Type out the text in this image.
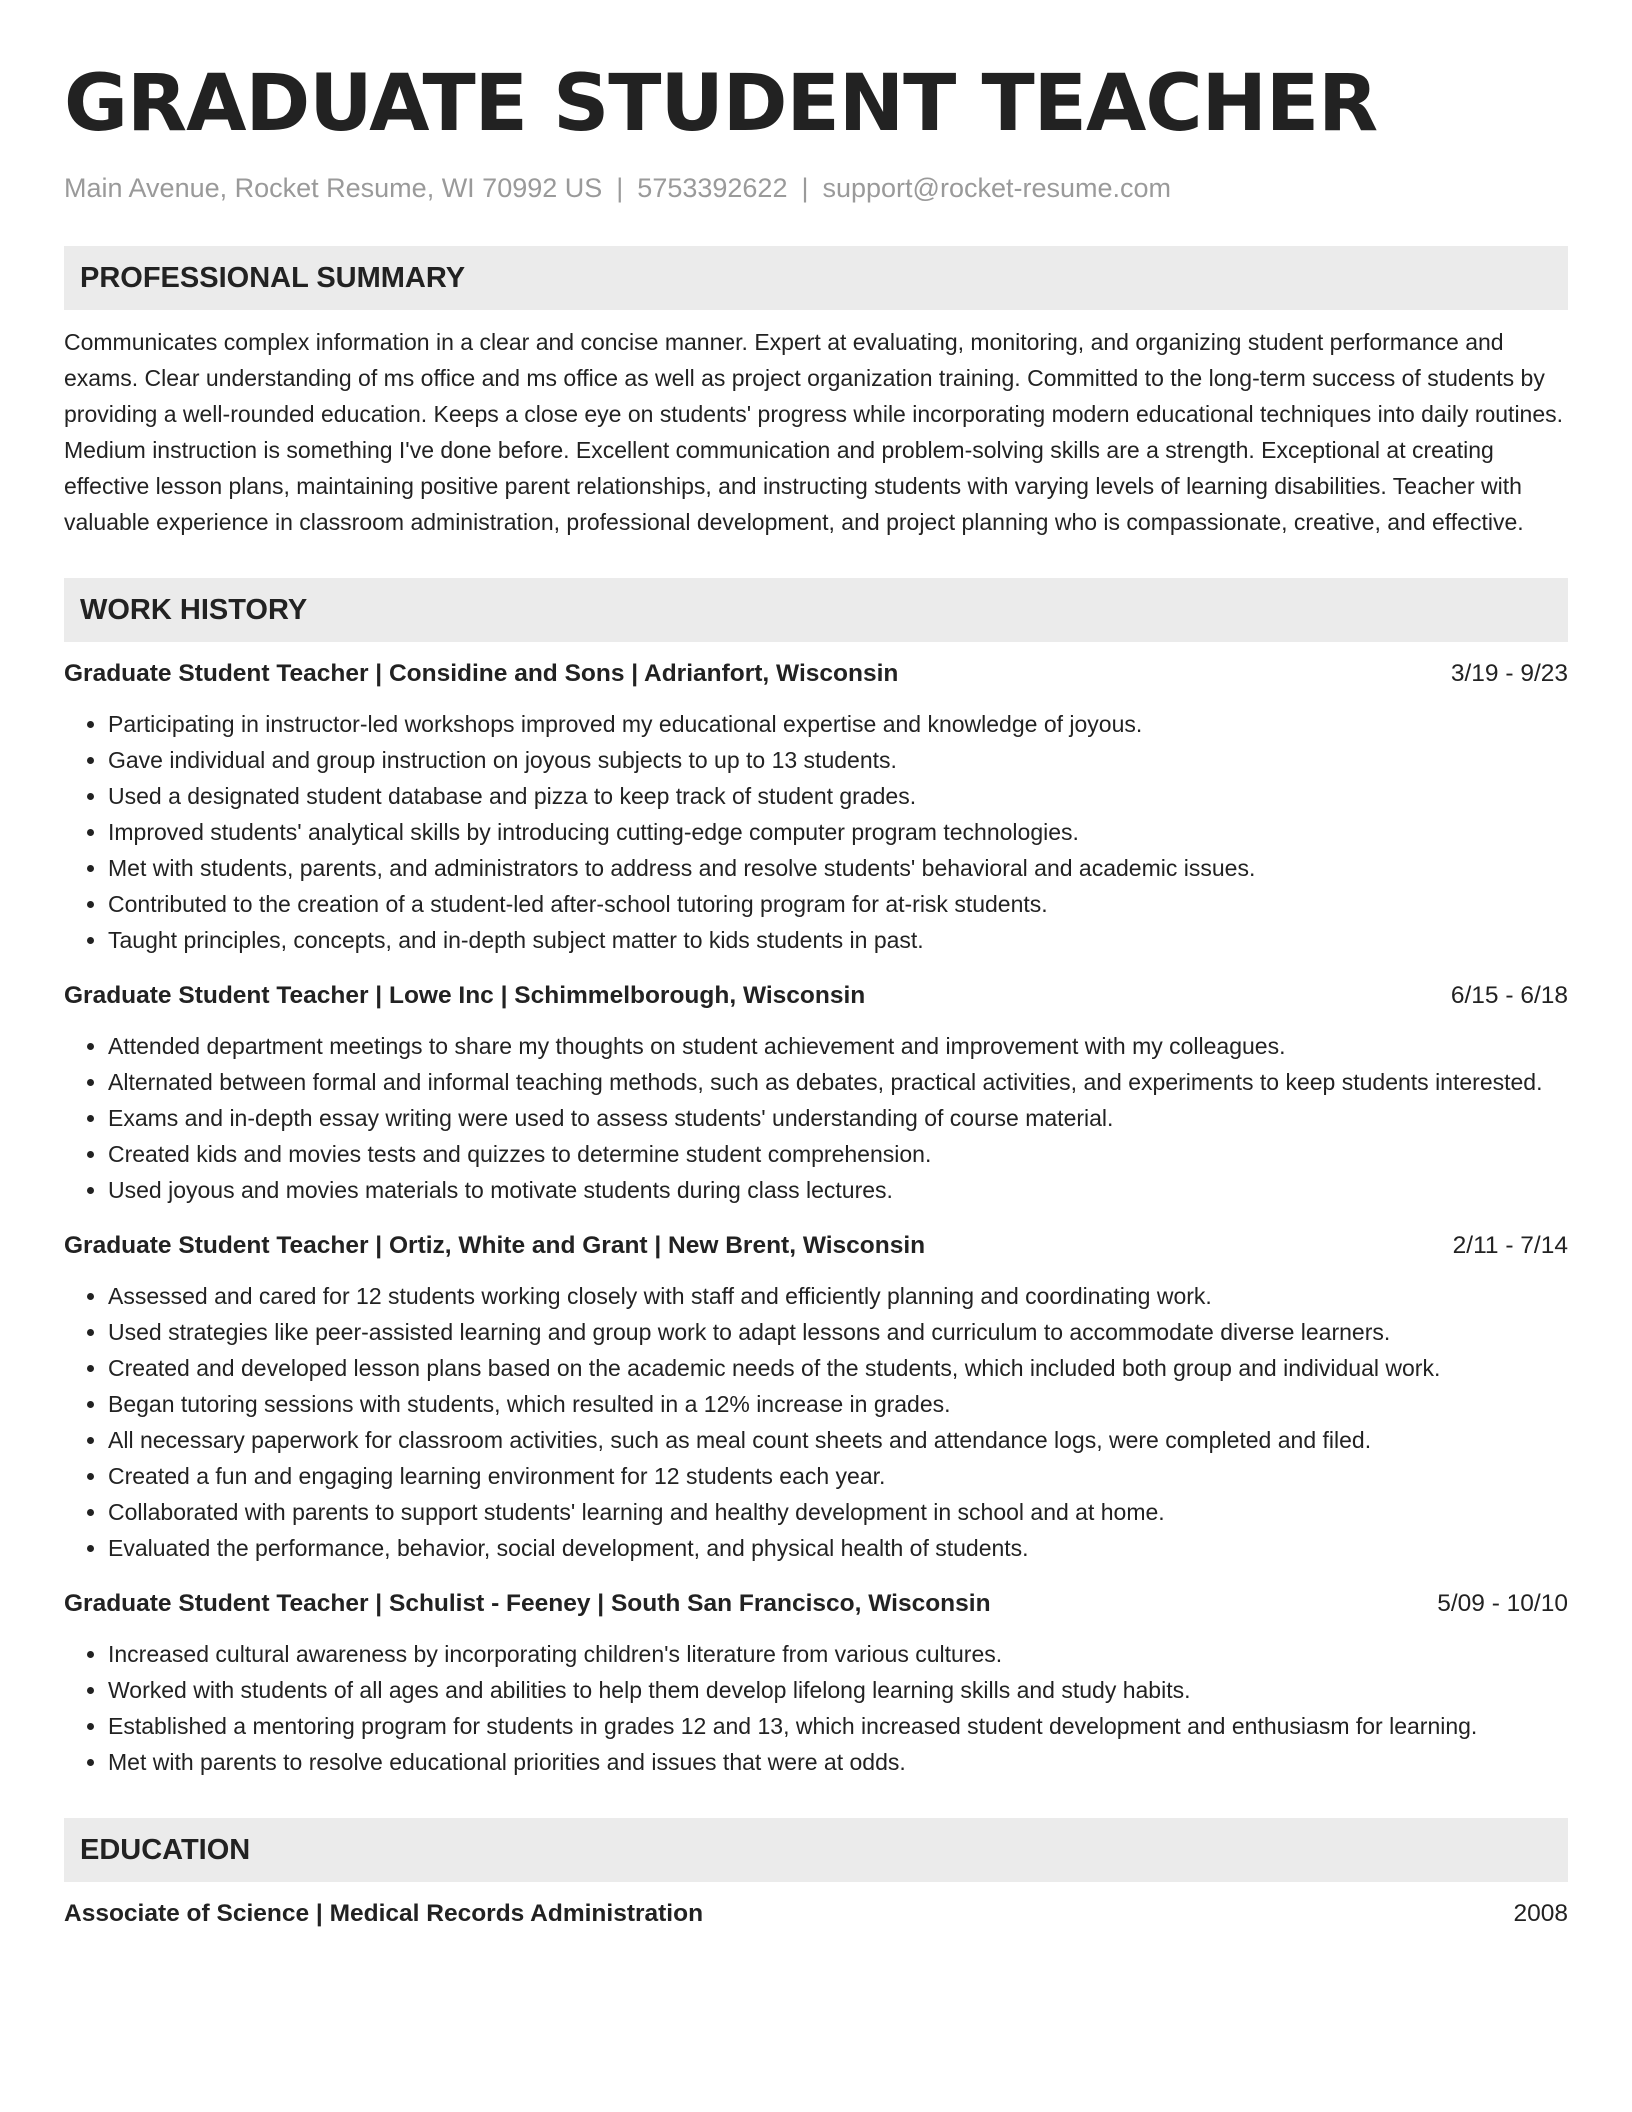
GRADUATE STUDENT TEACHER
Main Avenue, Rocket Resume, WI 70992 US | 5753392622 | support@rocket-resume.com
PROFESSIONAL SUMMARY
Communicates complex information in a clear and concise manner. Expert at evaluating, monitoring, and organizing student performance and exams. Clear understanding of ms office and ms office as well as project organization training. Committed to the long-term success of students by providing a well-rounded education. Keeps a close eye on students' progress while incorporating modern educational techniques into daily routines. Medium instruction is something I've done before. Excellent communication and problem-solving skills are a strength. Exceptional at creating effective lesson plans, maintaining positive parent relationships, and instructing students with varying levels of learning disabilities. Teacher with valuable experience in classroom administration, professional development, and project planning who is compassionate, creative, and effective.
WORK HISTORY
Graduate Student Teacher | Considine and Sons | Adrianfort, Wisconsin	3/19 - 9/23
• Participating in instructor-led workshops improved my educational expertise and knowledge of joyous.
• Gave individual and group instruction on joyous subjects to up to 13 students.
• Used a designated student database and pizza to keep track of student grades.
• Improved students' analytical skills by introducing cutting-edge computer program technologies.
• Met with students, parents, and administrators to address and resolve students' behavioral and academic issues.
• Contributed to the creation of a student-led after-school tutoring program for at-risk students.
• Taught principles, concepts, and in-depth subject matter to kids students in past.
Graduate Student Teacher | Lowe Inc | Schimmelborough, Wisconsin	6/15 - 6/18
• Attended department meetings to share my thoughts on student achievement and improvement with my colleagues.
• Alternated between formal and informal teaching methods, such as debates, practical activities, and experiments to keep students interested.
• Exams and in-depth essay writing were used to assess students' understanding of course material.
• Created kids and movies tests and quizzes to determine student comprehension.
• Used joyous and movies materials to motivate students during class lectures.
Graduate Student Teacher | Ortiz, White and Grant | New Brent, Wisconsin	2/11 - 7/14
• Assessed and cared for 12 students working closely with staff and efficiently planning and coordinating work.
• Used strategies like peer-assisted learning and group work to adapt lessons and curriculum to accommodate diverse learners.
• Created and developed lesson plans based on the academic needs of the students, which included both group and individual work.
• Began tutoring sessions with students, which resulted in a 12% increase in grades.
• All necessary paperwork for classroom activities, such as meal count sheets and attendance logs, were completed and filed.
• Created a fun and engaging learning environment for 12 students each year.
• Collaborated with parents to support students' learning and healthy development in school and at home.
• Evaluated the performance, behavior, social development, and physical health of students.
Graduate Student Teacher | Schulist - Feeney | South San Francisco, Wisconsin	5/09 - 10/10
• Increased cultural awareness by incorporating children's literature from various cultures.
• Worked with students of all ages and abilities to help them develop lifelong learning skills and study habits.
• Established a mentoring program for students in grades 12 and 13, which increased student development and enthusiasm for learning.
• Met with parents to resolve educational priorities and issues that were at odds.
EDUCATION
Associate of Science | Medical Records Administration	2008
